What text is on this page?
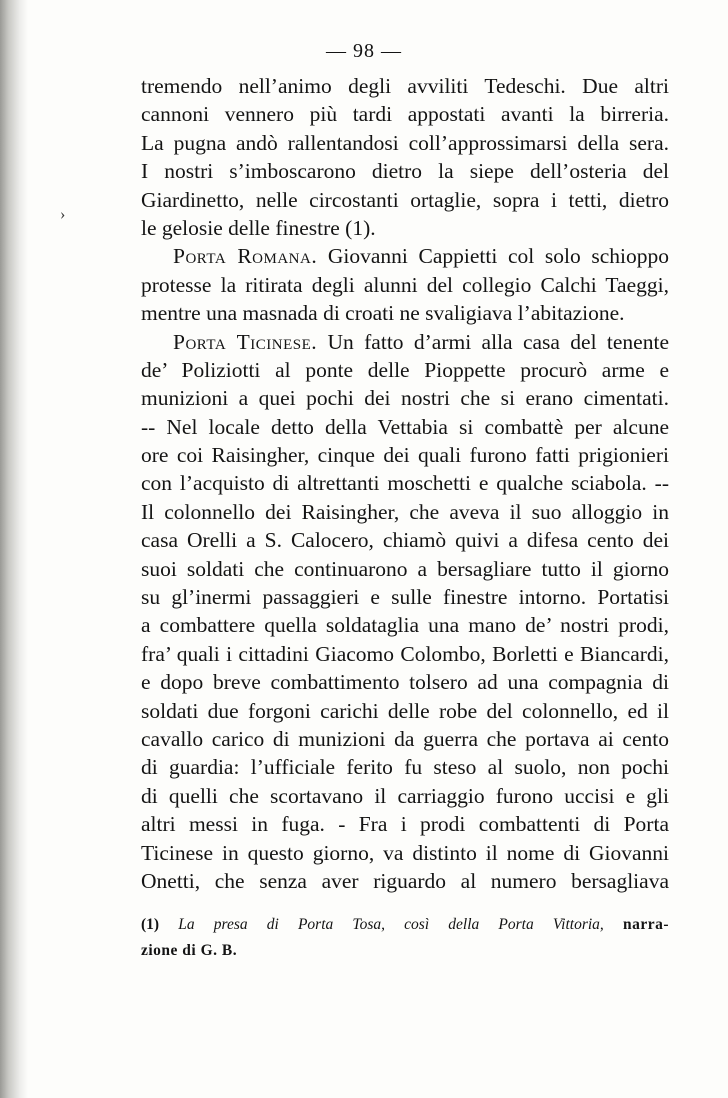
— 98 —
›
tremendo nell’animo degli avviliti Tedeschi. Due altri
cannoni vennero più tardi appostati avanti la birreria.
La pugna andò rallentandosi coll’approssimarsi della sera.
I nostri s’imboscarono dietro la siepe dell’osteria del
Giardinetto, nelle circostanti ortaglie, sopra i tetti, dietro
le gelosie delle finestre (1).
Porta Romana. Giovanni Cappietti col solo schioppo
protesse la ritirata degli alunni del collegio Calchi Taeggi,
mentre una masnada di croati ne svaligiava l’abitazione.
Porta Ticinese. Un fatto d’armi alla casa del tenente
de’ Poliziotti al ponte delle Pioppette procurò arme e
munizioni a quei pochi dei nostri che si erano cimentati.
-- Nel locale detto della Vettabia si combattè per alcune
ore coi Raisingher, cinque dei quali furono fatti prigionieri
con l’acquisto di altrettanti moschetti e qualche sciabola. --
Il colonnello dei Raisingher, che aveva il suo alloggio in
casa Orelli a S. Calocero, chiamò quivi a difesa cento dei
suoi soldati che continuarono a bersagliare tutto il giorno
su gl’inermi passaggieri e sulle finestre intorno. Portatisi
a combattere quella soldataglia una mano de’ nostri prodi,
fra’ quali i cittadini Giacomo Colombo, Borletti e Biancardi,
e dopo breve combattimento tolsero ad una compagnia di
soldati due forgoni carichi delle robe del colonnello, ed il
cavallo carico di munizioni da guerra che portava ai cento
di guardia: l’ufficiale ferito fu steso al suolo, non pochi
di quelli che scortavano il carriaggio furono uccisi e gli
altri messi in fuga. - Fra i prodi combattenti di Porta
Ticinese in questo giorno, va distinto il nome di Giovanni
Onetti, che senza aver riguardo al numero bersagliava
(1) La presa di Porta Tosa, così della Porta Vittoria, narra-
zione di G. B.
